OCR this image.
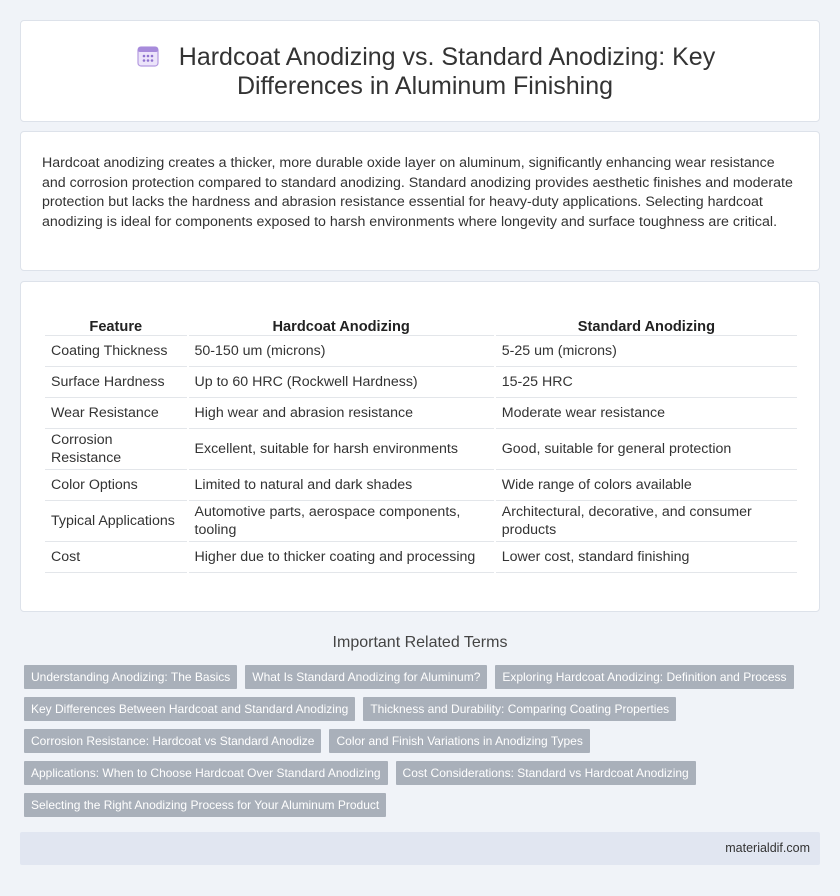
Hardcoat Anodizing vs. Standard Anodizing: Key Differences in Aluminum Finishing

Hardcoat anodizing creates a thicker, more durable oxide layer on aluminum, significantly enhancing wear resistance and corrosion protection compared to standard anodizing. Standard anodizing provides aesthetic finishes and moderate protection but lacks the hardness and abrasion resistance essential for heavy-duty applications. Selecting hardcoat anodizing is ideal for components exposed to harsh environments where longevity and surface toughness are critical.

Feature	Hardcoat Anodizing	Standard Anodizing
Coating Thickness	50-150 um (microns)	5-25 um (microns)
Surface Hardness	Up to 60 HRC (Rockwell Hardness)	15-25 HRC
Wear Resistance	High wear and abrasion resistance	Moderate wear resistance
Corrosion Resistance	Excellent, suitable for harsh environments	Good, suitable for general protection
Color Options	Limited to natural and dark shades	Wide range of colors available
Typical Applications	Automotive parts, aerospace components, tooling	Architectural, decorative, and consumer products
Cost	Higher due to thicker coating and processing	Lower cost, standard finishing
Important Related Terms
Understanding Anodizing: The Basics	What Is Standard Anodizing for Aluminum?	Exploring Hardcoat Anodizing: Definition and Process
Key Differences Between Hardcoat and Standard Anodizing	Thickness and Durability: Comparing Coating Properties
Corrosion Resistance: Hardcoat vs Standard Anodize	Color and Finish Variations in Anodizing Types
Applications: When to Choose Hardcoat Over Standard Anodizing	Cost Considerations: Standard vs Hardcoat Anodizing
Selecting the Right Anodizing Process for Your Aluminum Product
materialdif.com
